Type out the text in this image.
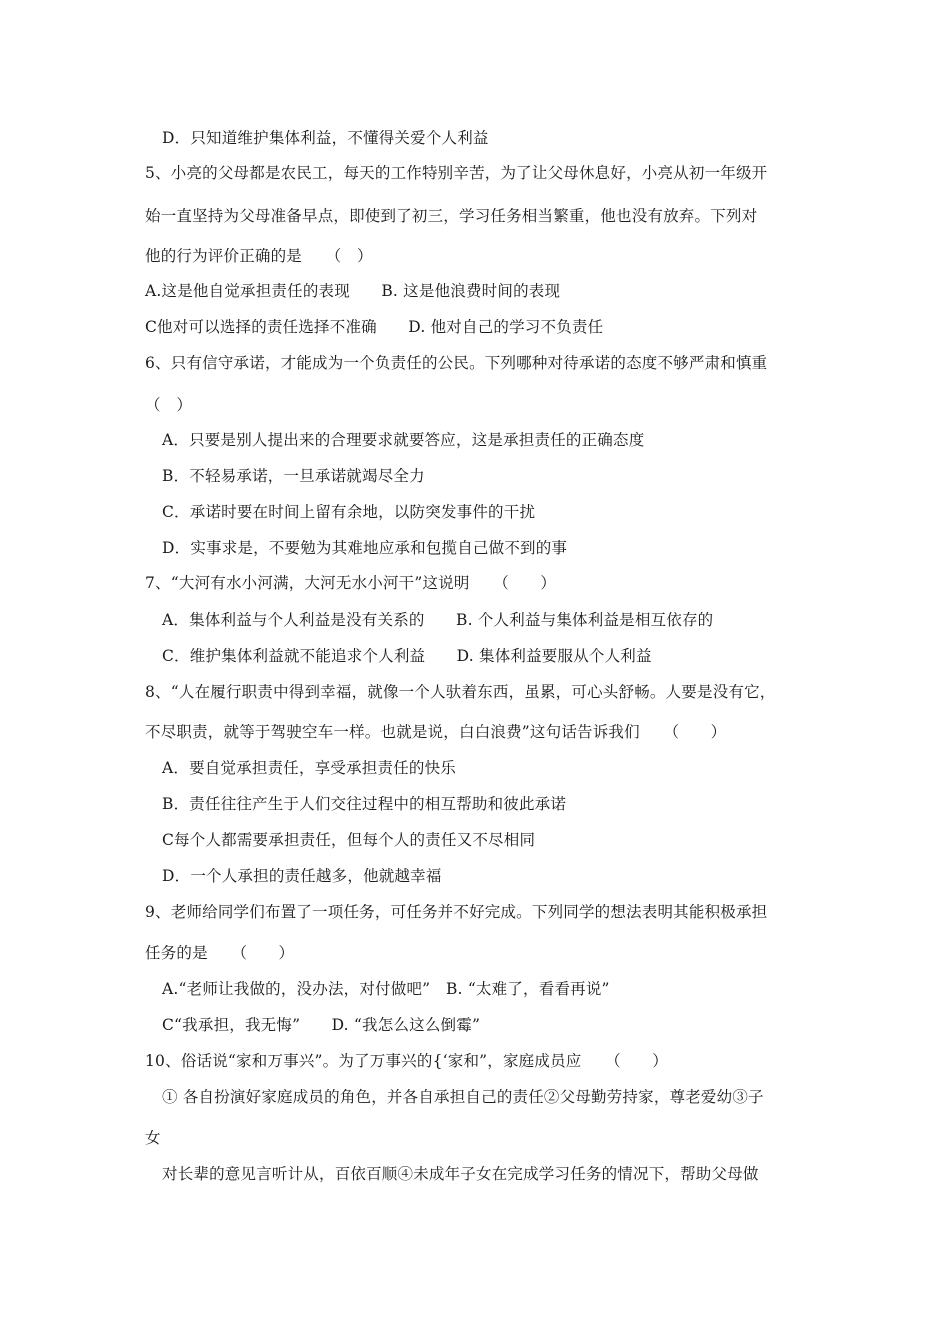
D．只知道维护集体利益，不懂得关爱个人利益
5、小亮的父母都是农民工，每天的工作特别辛苦，为了让父母休息好，小亮从初一年级开
始一直坚持为父母准备早点，即使到了初三，学习任务相当繁重，他也没有放弃。下列对
他的行为评价正确的是　　（　）
A.这是他自觉承担责任的表现　　B. 这是他浪费时间的表现
C他对可以选择的责任选择不准确　　D. 他对自己的学习不负责任
6、只有信守承诺，才能成为一个负责任的公民。下列哪种对待承诺的态度不够严肃和慎重
（　）
A．只要是别人提出来的合理要求就要答应，这是承担责任的正确态度
B．不轻易承诺，一旦承诺就竭尽全力
C．承诺时要在时间上留有余地，以防突发事件的干扰
D．实事求是，不要勉为其难地应承和包揽自己做不到的事
7、“大河有水小河满，大河无水小河干”这说明　　（　　）
A．集体利益与个人利益是没有关系的　　B. 个人利益与集体利益是相互依存的
C．维护集体利益就不能追求个人利益　　D. 集体利益要服从个人利益
8、“人在履行职责中得到幸福，就像一个人驮着东西，虽累，可心头舒畅。人要是没有它，
不尽职责，就等于驾驶空车一样。也就是说，白白浪费”这句话告诉我们　　（　　）
A．要自觉承担责任，享受承担责任的快乐
B．责任往往产生于人们交往过程中的相互帮助和彼此承诺
C每个人都需要承担责任，但每个人的责任又不尽相同
D．一个人承担的责任越多，他就越幸福
9、老师给同学们布置了一项任务，可任务并不好完成。下列同学的想法表明其能积极承担
任务的是　　（　　）
A.“老师让我做的，没办法，对付做吧”　B. “太难了，看看再说”
C“我承担，我无悔”　　D. “我怎么这么倒霉”
10、俗话说“家和万事兴”。为了万事兴的{‘家和”，家庭成员应　　（　　）
① 各自扮演好家庭成员的角色，并各自承担自己的责任②父母勤劳持家，尊老爱幼③子
女
对长辈的意见言听计从，百依百顺④未成年子女在完成学习任务的情况下，帮助父母做
